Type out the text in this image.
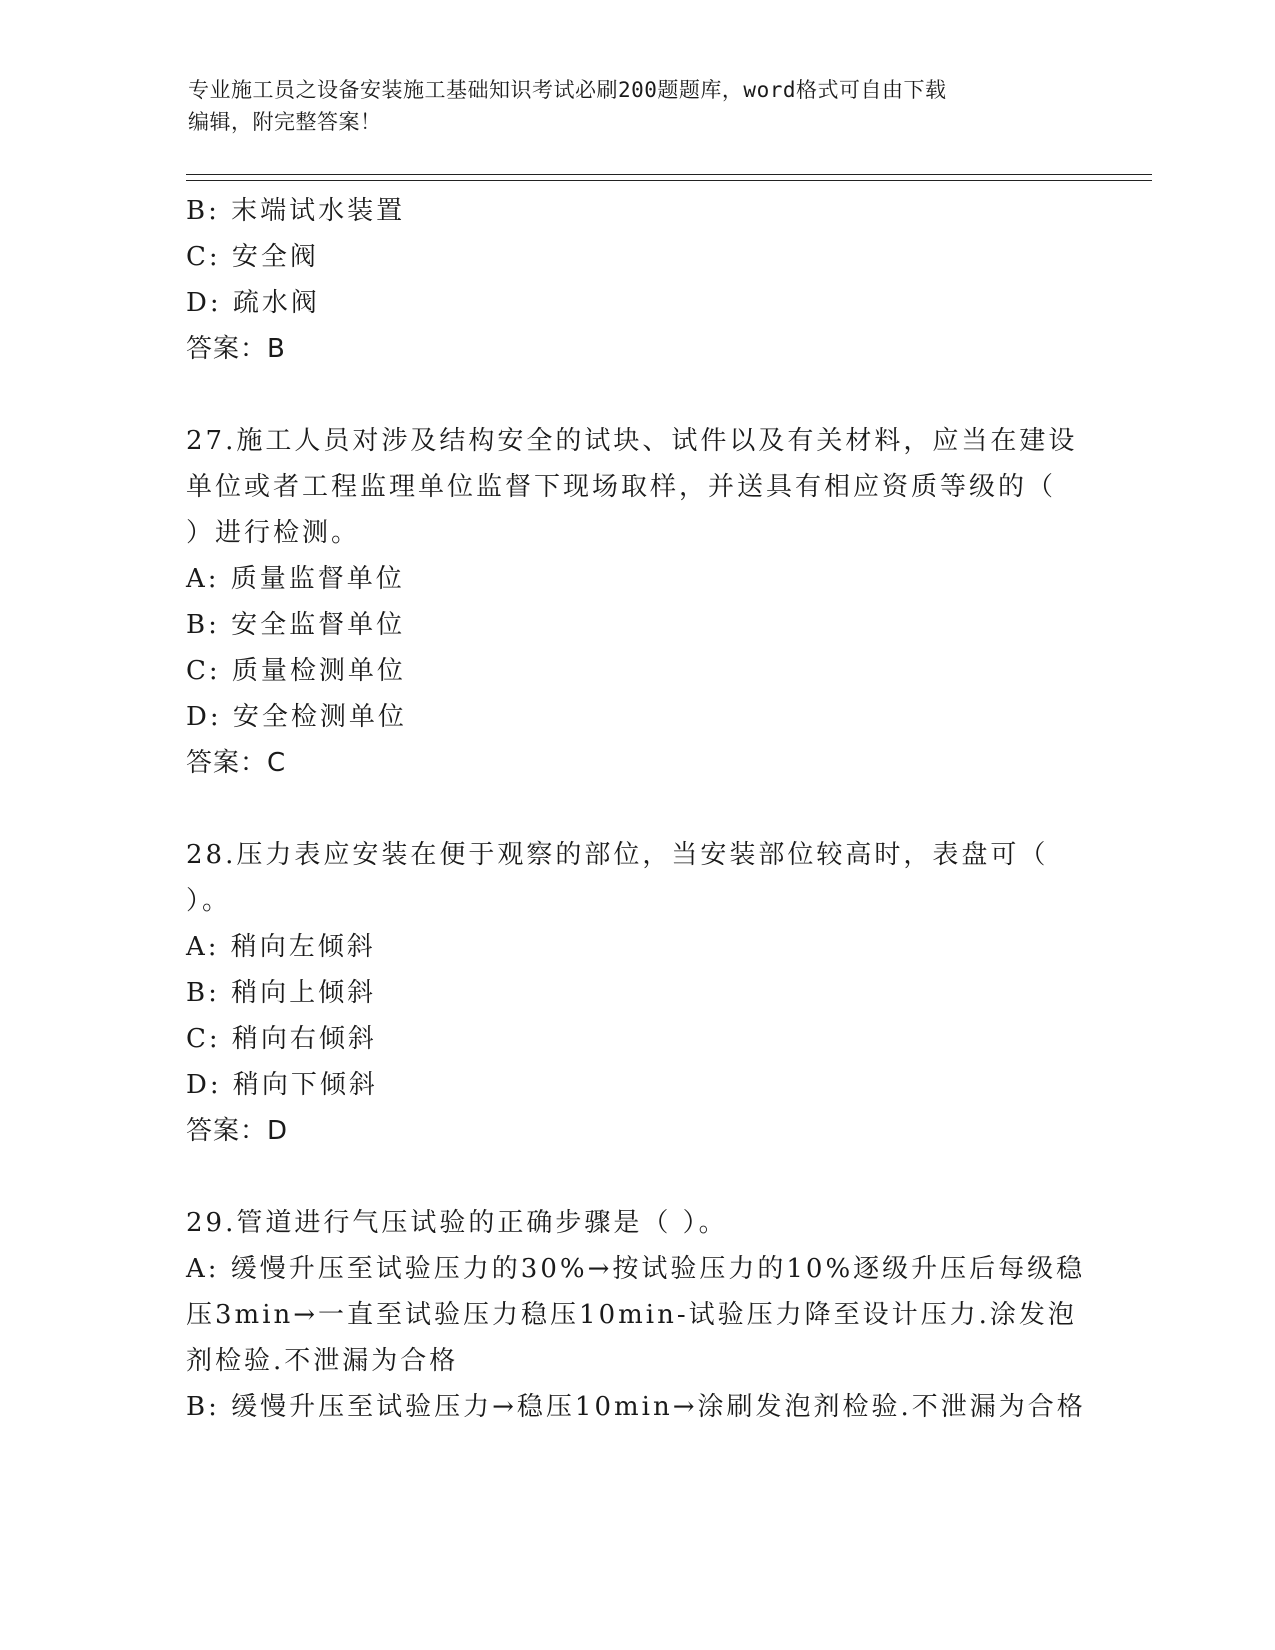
专业施工员之设备安装施工基础知识考试必刷200题题库，word格式可自由下载
编辑，附完整答案！
B: 末端试水装置
C: 安全阀
D: 疏水阀
答案：B
27.施工人员对涉及结构安全的试块、试件以及有关材料，应当在建设
单位或者工程监理单位监督下现场取样，并送具有相应资质等级的（
）进行检测。
A: 质量监督单位
B: 安全监督单位
C: 质量检测单位
D: 安全检测单位
答案：C
28.压力表应安装在便于观察的部位，当安装部位较高时，表盘可（
）。
A: 稍向左倾斜
B: 稍向上倾斜
C: 稍向右倾斜
D: 稍向下倾斜
答案：D
29.管道进行气压试验的正确步骤是（ ）。
A: 缓慢升压至试验压力的30%→按试验压力的10%逐级升压后每级稳
压3min→一直至试验压力稳压10min-试验压力降至设计压力.涂发泡
剂检验.不泄漏为合格
B: 缓慢升压至试验压力→稳压10min→涂刷发泡剂检验.不泄漏为合格
